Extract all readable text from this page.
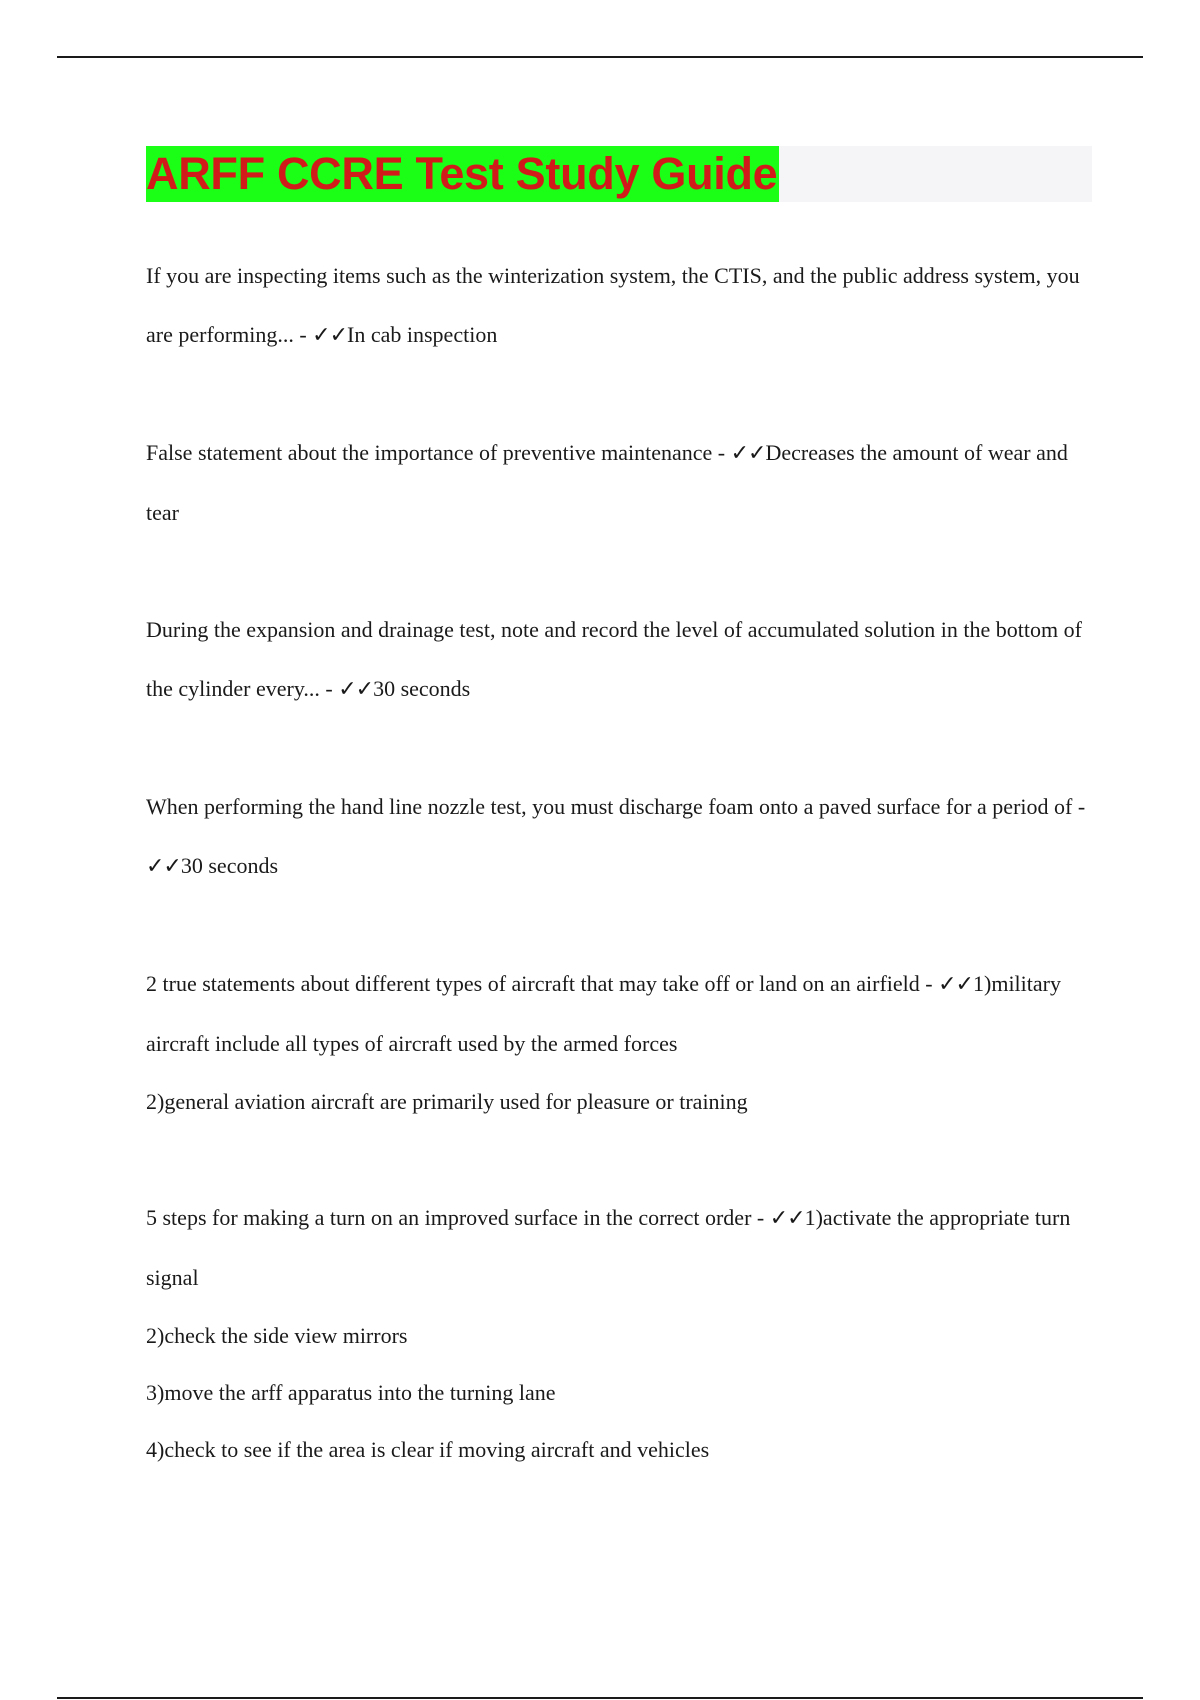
ARFF CCRE Test Study Guide

If you are inspecting items such as the winterization system, the CTIS, and the public address system, you are performing... - ✓✓In cab inspection

False statement about the importance of preventive maintenance - ✓✓Decreases the amount of wear and tear

During the expansion and drainage test, note and record the level of accumulated solution in the bottom of the cylinder every... - ✓✓30 seconds

When performing the hand line nozzle test, you must discharge foam onto a paved surface for a period of - ✓✓30 seconds

2 true statements about different types of aircraft that may take off or land on an airfield - ✓✓1)military aircraft include all types of aircraft used by the armed forces
2)general aviation aircraft are primarily used for pleasure or training

5 steps for making a turn on an improved surface in the correct order - ✓✓1)activate the appropriate turn signal
2)check the side view mirrors
3)move the arff apparatus into the turning lane
4)check to see if the area is clear if moving aircraft and vehicles
